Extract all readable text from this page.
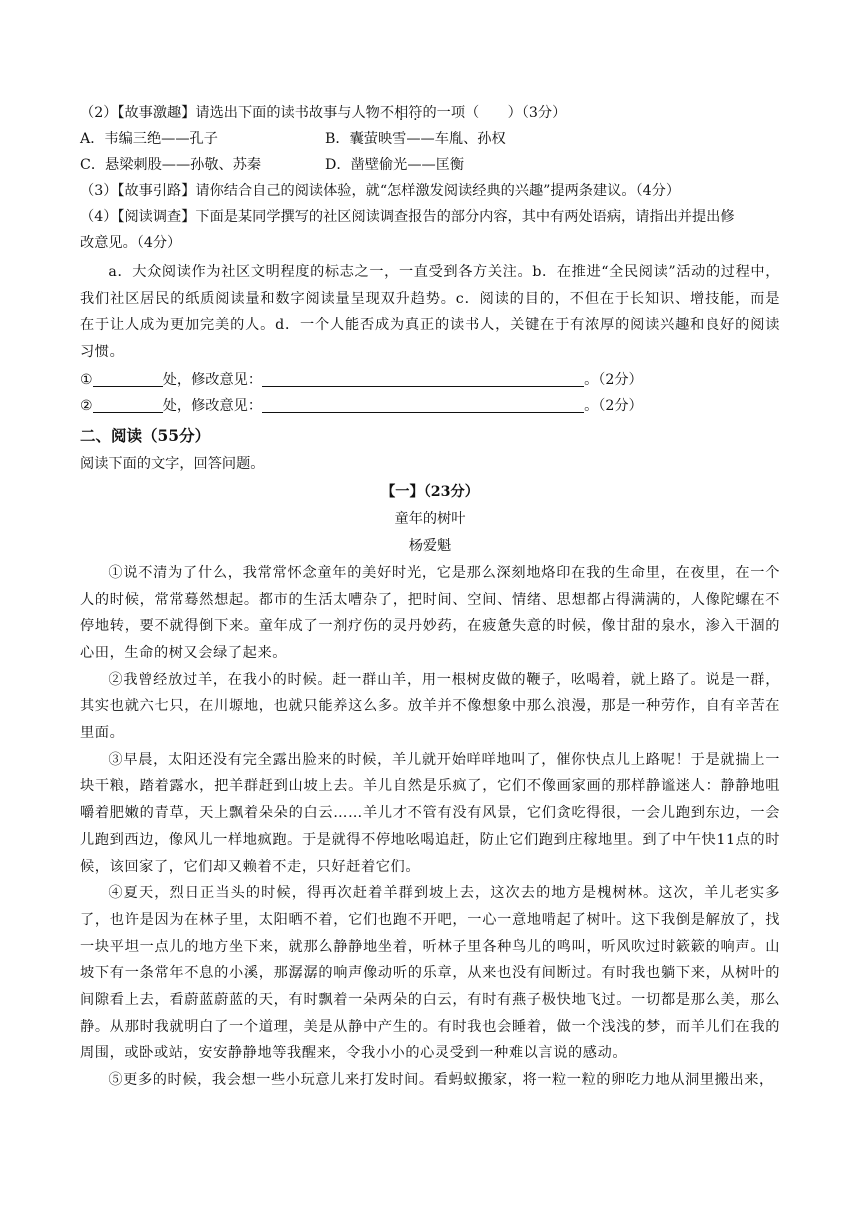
（2）【故事激趣】请选出下面的读书故事与人物不相符的一项（　　）（3分）
A．韦编三绝——孔子	B．囊萤映雪——车胤、孙权
C．悬梁刺股——孙敬、苏秦	D．凿壁偷光——匡衡
（3）【故事引路】请你结合自己的阅读体验，就“怎样激发阅读经典的兴趣”提两条建议。（4分）
（4）【阅读调查】下面是某同学撰写的社区阅读调查报告的部分内容，其中有两处语病，请指出并提出修
改意见。（4分）

a．大众阅读作为社区文明程度的标志之一，一直受到各方关注。b．在推进“全民阅读”活动的过程中，我们社区居民的纸质阅读量和数字阅读量呈现双升趋势。c．阅读的目的，不但在于长知识、增技能，而是在于让人成为更加完美的人。d．一个人能否成为真正的读书人，关键在于有浓厚的阅读兴趣和良好的阅读习惯。

①	处，修改意见：	。（2分）
②	处，修改意见：	。（2分）
二、阅读（55分）
阅读下面的文字，回答问题。
【一】（23分）
童年的树叶
杨爱魁

①说不清为了什么，我常常怀念童年的美好时光，它是那么深刻地烙印在我的生命里，在夜里，在一个人的时候，常常蓦然想起。都市的生活太嘈杂了，把时间、空间、情绪、思想都占得满满的，人像陀螺在不停地转，要不就得倒下来。童年成了一剂疗伤的灵丹妙药，在疲惫失意的时候，像甘甜的泉水，渗入干涸的心田，生命的树又会绿了起来。

②我曾经放过羊，在我小的时候。赶一群山羊，用一根树皮做的鞭子，吆喝着，就上路了。说是一群，其实也就六七只，在川塬地，也就只能养这么多。放羊并不像想象中那么浪漫，那是一种劳作，自有辛苦在里面。

③早晨，太阳还没有完全露出脸来的时候，羊儿就开始咩咩地叫了，催你快点儿上路呢！于是就揣上一块干粮，踏着露水，把羊群赶到山坡上去。羊儿自然是乐疯了，它们不像画家画的那样静谧迷人：静静地咀嚼着肥嫩的青草，天上飘着朵朵的白云……羊儿才不管有没有风景，它们贪吃得很，一会儿跑到东边，一会儿跑到西边，像风儿一样地疯跑。于是就得不停地吆喝追赶，防止它们跑到庄稼地里。到了中午快11点的时候，该回家了，它们却又赖着不走，只好赶着它们。

④夏天，烈日正当头的时候，得再次赶着羊群到坡上去，这次去的地方是槐树林。这次，羊儿老实多了，也许是因为在林子里，太阳晒不着，它们也跑不开吧，一心一意地啃起了树叶。这下我倒是解放了，找一块平坦一点儿的地方坐下来，就那么静静地坐着，听林子里各种鸟儿的鸣叫，听风吹过时簌簌的响声。山坡下有一条常年不息的小溪，那潺潺的响声像动听的乐章，从来也没有间断过。有时我也躺下来，从树叶的间隙看上去，看蔚蓝蔚蓝的天，有时飘着一朵两朵的白云，有时有燕子极快地飞过。一切都是那么美，那么静。从那时我就明白了一个道理，美是从静中产生的。有时我也会睡着，做一个浅浅的梦，而羊儿们在我的周围，或卧或站，安安静静地等我醒来，令我小小的心灵受到一种难以言说的感动。

⑤更多的时候，我会想一些小玩意儿来打发时间。看蚂蚁搬家，将一粒一粒的卵吃力地从洞里搬出来，
